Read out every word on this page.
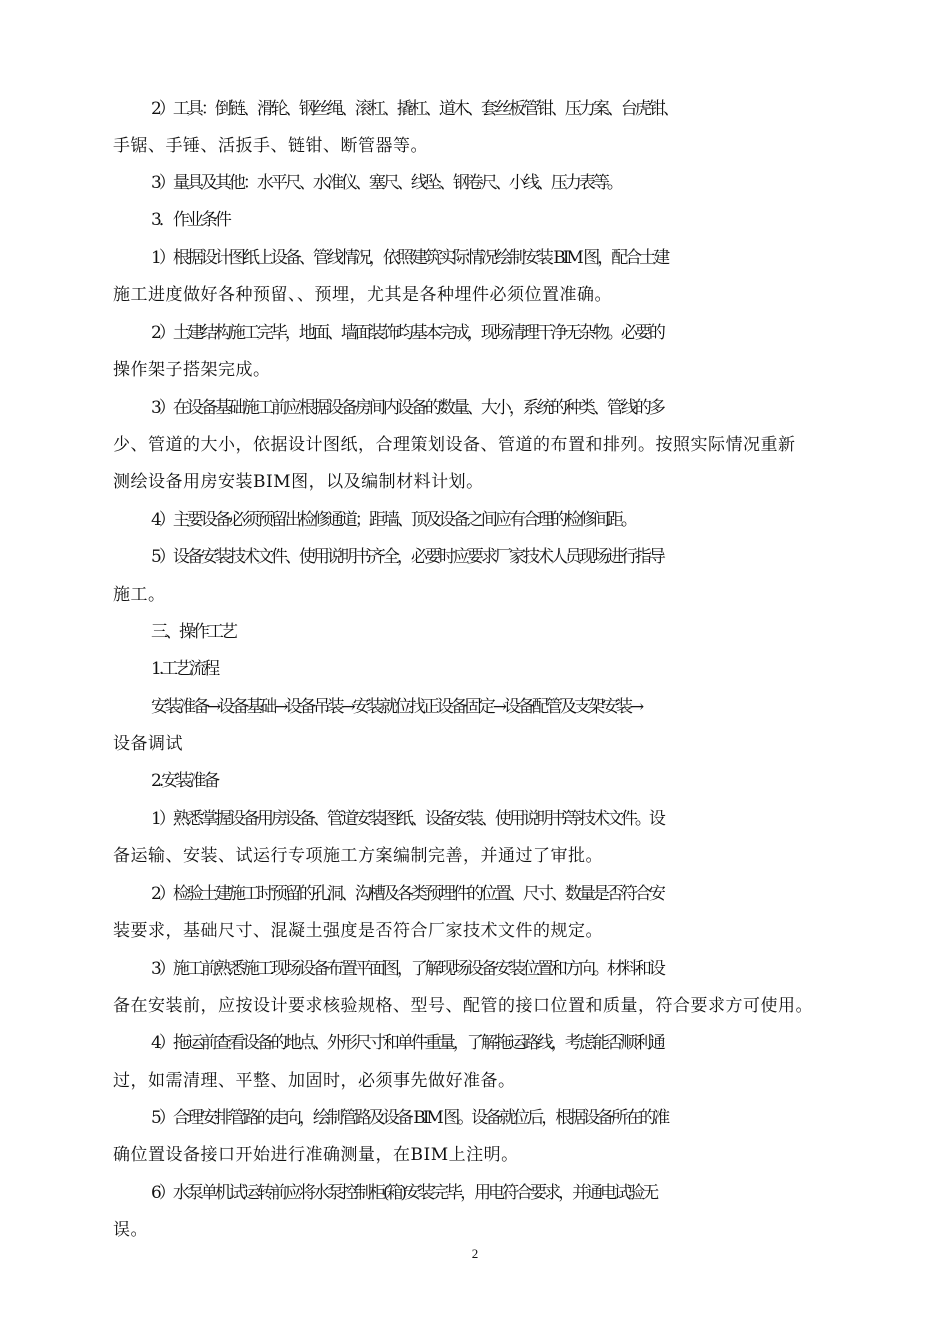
2）工具：倒链、滑轮、钢丝绳、滚杠、撬杠、道木、套丝板管钳、压力案、台虎钳、
手锯、手锤、活扳手、链钳、断管器等。
3）量具及其他：水平尺、水准仪、塞尺、线坠、钢卷尺、小线、压力表等。
3．作业条件
1）根据设计图纸上设备、管线情况，依照建筑实际情况绘制安装 BIM 图，配合土建
施工进度做好各种预留、、预埋，尤其是各种埋件必须位置准确。
2）土建结构施工完毕，地面、墙面装饰均基本完成，现场清理干净无杂物。必要的
操作架子搭架完成。
3）在设备基础施工前应根据设备房间内设备的数量、大小，系统的种类、管线的多
少、管道的大小，依据设计图纸，合理策划设备、管道的布置和排列。按照实际情况重新
测绘设备用房安装BIM图，以及编制材料计划。
4）主要设备必须预留出检修通道；距墙、顶及设备之间应有合理的检修间距。
5）设备安装技术文件、使用说明书齐全，必要时应要求厂家技术人员现场进行指导
施工。
三、操作工艺
1.工艺流程
安装准备→设备基础→设备吊装→安装就位找正设备固定→设备配管及支架安装→
设备调试
2.安装准备
1）熟悉掌握设备用房设备、管道安装图纸、设备安装、使用说明书等技术文件。设
备运输、安装、试运行专项施工方案编制完善，并通过了审批。
2）检验土建施工时预留的孔洞、沟槽及各类预埋件的位置、尺寸、数量是否符合安
装要求，基础尺寸、混凝土强度是否符合厂家技术文件的规定。
3）施工前熟悉施工现场设备布置平面图，了解现场设备安装位置和方向。材料和设
备在安装前，应按设计要求核验规格、型号、配管的接口位置和质量，符合要求方可使用。
4）拖运前查看设备的地点、外形尺寸和单件重量，了解拖运路线，考虑能否顺利通
过，如需清理、平整、加固时，必须事先做好准备。
5）合理安排管路的走向，绘制管路及设备 BIM 图。设备就位后，根据设备所在的准
确位置设备接口开始进行准确测量，在BIM上注明。
6）水泵单机试运转前应将水泵控制柜(箱)安装完毕，用电符合要求，并通电试验无
误。
2
